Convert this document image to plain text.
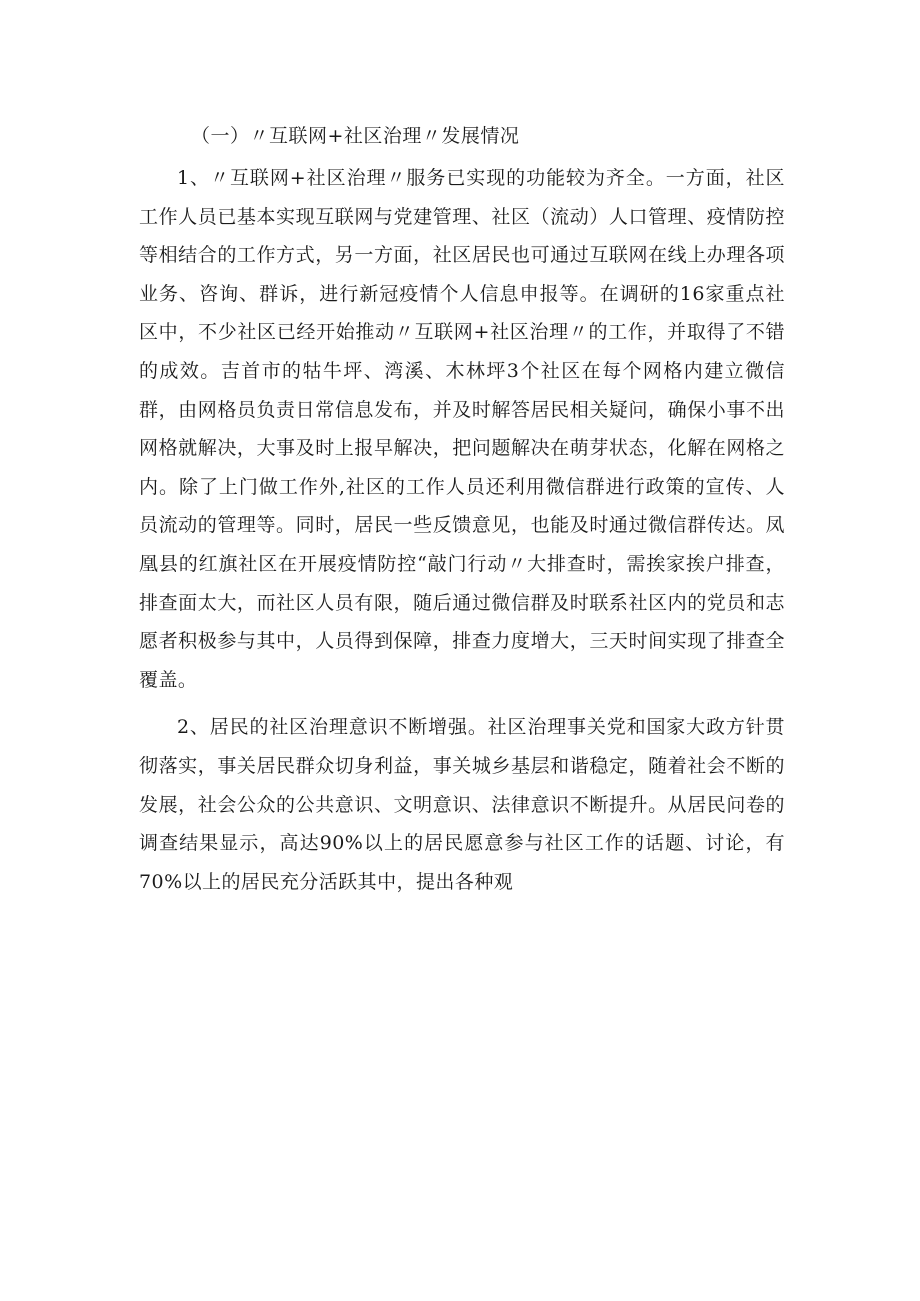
（一）〃互联网+社区治理〃发展情况

1、〃互联网+社区治理〃服务已实现的功能较为齐全。一方面，社区工作人员已基本实现互联网与党建管理、社区（流动）人口管理、疫情防控等相结合的工作方式，另一方面，社区居民也可通过互联网在线上办理各项业务、咨询、群诉，进行新冠疫情个人信息申报等。在调研的16家重点社区中，不少社区已经开始推动〃互联网+社区治理〃的工作，并取得了不错的成效。吉首市的牯牛坪、湾溪、木林坪3个社区在每个网格内建立微信群，由网格员负责日常信息发布，并及时解答居民相关疑问，确保小事不出网格就解决，大事及时上报早解决，把问题解决在萌芽状态，化解在网格之内。除了上门做工作外,社区的工作人员还利用微信群进行政策的宣传、人员流动的管理等。同时，居民一些反馈意见，也能及时通过微信群传达。凤凰县的红旗社区在开展疫情防控“敲门行动〃大排查时，需挨家挨户排查，排查面太大，而社区人员有限，随后通过微信群及时联系社区内的党员和志愿者积极参与其中，人员得到保障，排查力度增大，三天时间实现了排查全覆盖。

2、居民的社区治理意识不断增强。社区治理事关党和国家大政方针贯彻落实，事关居民群众切身利益，事关城乡基层和谐稳定，随着社会不断的发展，社会公众的公共意识、文明意识、法律意识不断提升。从居民问卷的调查结果显示，高达90%以上的居民愿意参与社区工作的话题、讨论，有70%以上的居民充分活跃其中，提出各种观
